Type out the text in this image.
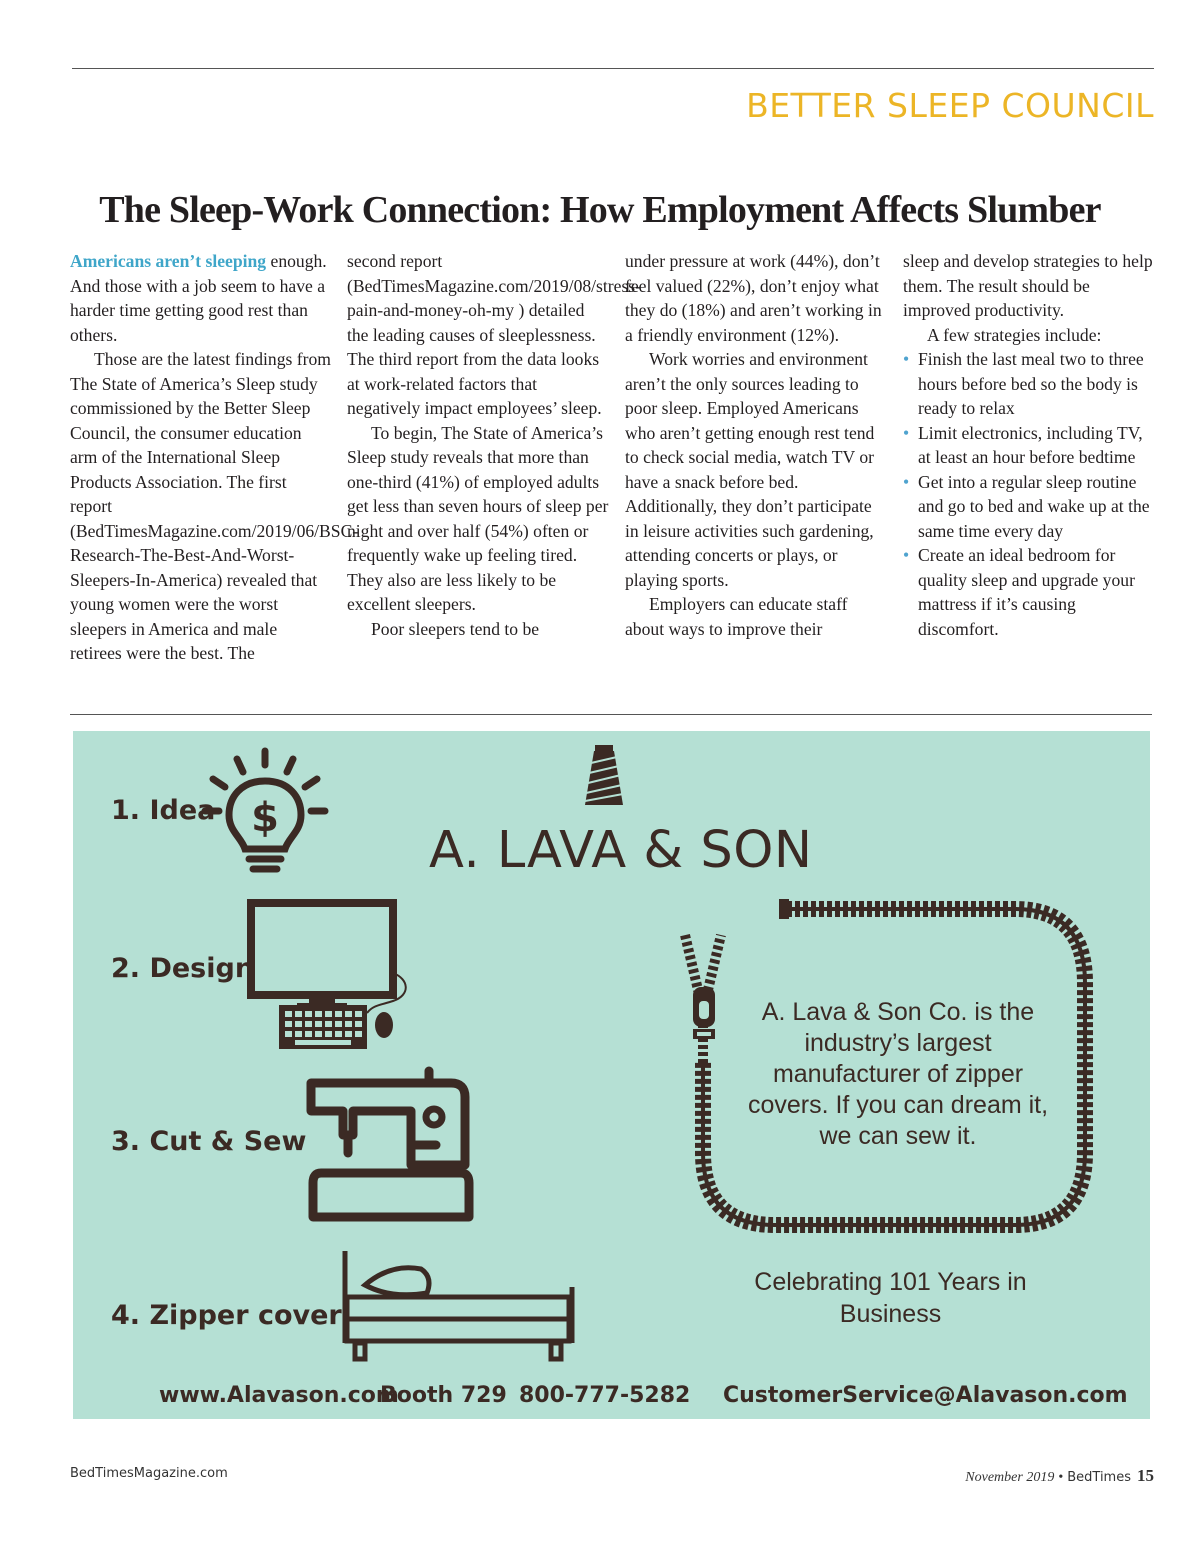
BETTER SLEEP COUNCIL
The Sleep-Work Connection: How Employment Affects Slumber

Americans aren’t sleeping enough. And those with a job seem to have a harder time getting good rest than others.

Those are the latest findings from The State of America’s Sleep study commissioned by the Better Sleep Council, the consumer education arm of the International Sleep Products Association. The first report (BedTimesMagazine.com/2019/06/BSC-Research-The-Best-And-Worst-Sleepers-In-America) revealed that young women were the worst sleepers in America and male retirees were the best. The

second report (BedTimesMagazine.com/2019/08/stress-pain-and-money-oh-my ) detailed the leading causes of sleeplessness. The third report from the data looks at work-related factors that negatively impact employees’ sleep.

To begin, The State of America’s Sleep study reveals that more than one-third (41%) of employed adults get less than seven hours of sleep per night and over half (54%) often or frequently wake up feeling tired. They also are less likely to be excellent sleepers.

Poor sleepers tend to be

under pressure at work (44%), don’t feel valued (22%), don’t enjoy what they do (18%) and aren’t working in a friendly environment (12%).

Work worries and environment aren’t the only sources leading to poor sleep. Employed Americans who aren’t getting enough rest tend to check social media, watch TV or have a snack before bed. Additionally, they don’t participate in leisure activities such gardening, attending concerts or plays, or playing sports.

Employers can educate staff about ways to improve their

sleep and develop strategies to help them. The result should be improved productivity.

A few strategies include:

• Finish the last meal two to three hours before bed so the body is ready to relax
• Limit electronics, including TV, at least an hour before bedtime
• Get into a regular sleep routine and go to bed and wake up at the same time every day
• Create an ideal bedroom for quality sleep and upgrade your mattress if it’s causing discomfort.
1. Idea
2. Design
3. Cut & Sew
4. Zipper cover
$
A. LAVA & SON
A. Lava & Son Co. is the industry’s largest manufacturer of zipper covers. If you can dream it, we can sew it.
Celebrating 101 Years in Business
www.Alavason.com
Booth 729 800-777-5282 CustomerService@Alavason.com
BedTimesMagazine.com	November 2019 • BedTimes 15
